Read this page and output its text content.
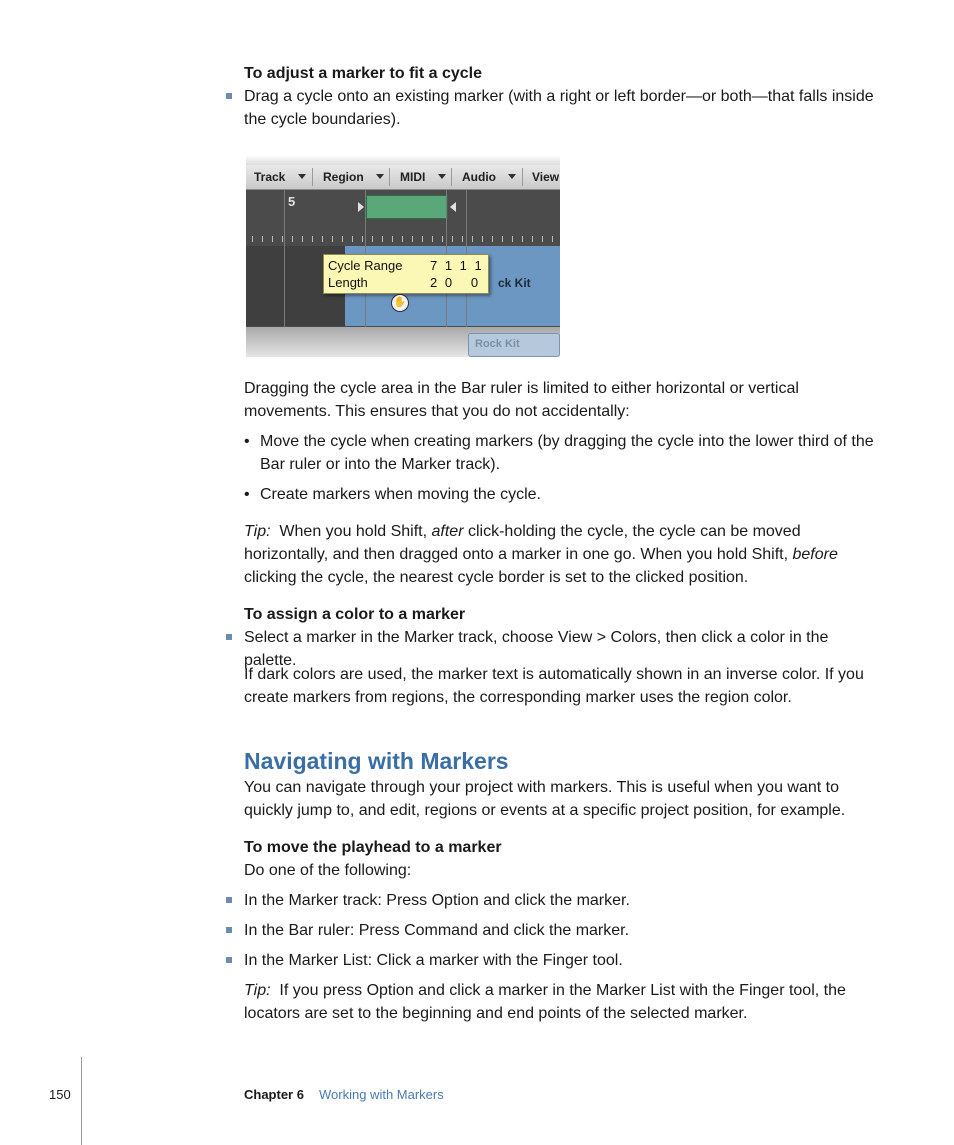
To adjust a marker to fit a cycle

Drag a cycle onto an existing marker (with a right or left border—or both—that falls inside the cycle boundaries).

Track	Region	MIDI	Audio	View
5
ck Kit
Rock Kit
Cycle Range 7 1 1 1
Length	2 0   0
✋

Dragging the cycle area in the Bar ruler is limited to either horizontal or vertical movements. This ensures that you do not accidentally:

• Move the cycle when creating markers (by dragging the cycle into the lower third of the Bar ruler or into the Marker track).

• Create markers when moving the cycle.

Tip: When you hold Shift, after click-holding the cycle, the cycle can be moved horizontally, and then dragged onto a marker in one go. When you hold Shift, before clicking the cycle, the nearest cycle border is set to the clicked position.

To assign a color to a marker

Select a marker in the Marker track, choose View > Colors, then click a color in the palette.

If dark colors are used, the marker text is automatically shown in an inverse color. If you create markers from regions, the corresponding marker uses the region color.

Navigating with Markers

You can navigate through your project with markers. This is useful when you want to quickly jump to, and edit, regions or events at a specific project position, for example.

To move the playhead to a marker

Do one of the following:

In the Marker track: Press Option and click the marker.

In the Bar ruler: Press Command and click the marker.

In the Marker List: Click a marker with the Finger tool.

Tip: If you press Option and click a marker in the Marker List with the Finger tool, the locators are set to the beginning and end points of the selected marker.

150	Chapter 6 Working with Markers
